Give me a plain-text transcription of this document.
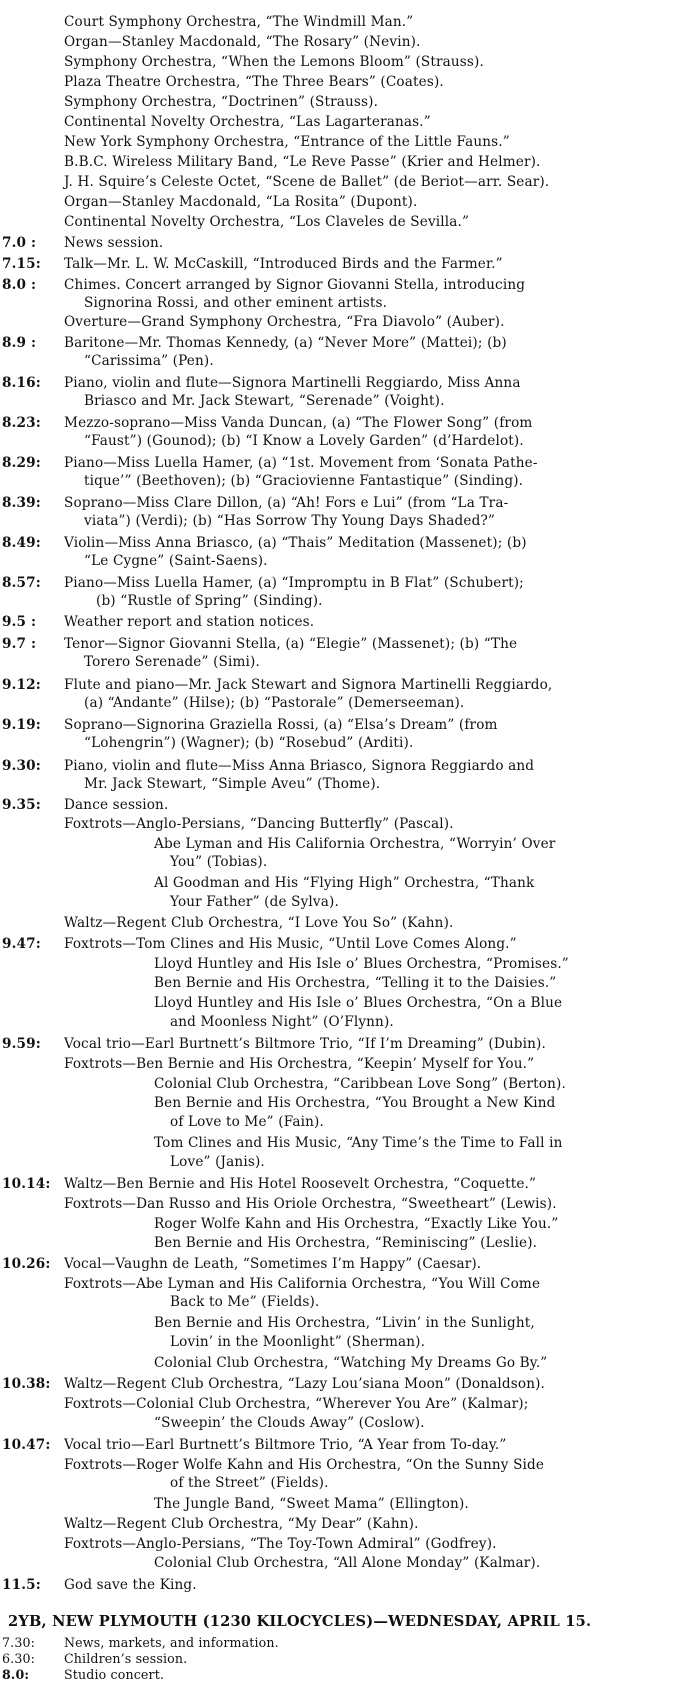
Court Symphony Orchestra, “The Windmill Man.”
Organ—Stanley Macdonald, “The Rosary” (Nevin).
Symphony Orchestra, “When the Lemons Bloom” (Strauss).
Plaza Theatre Orchestra, “The Three Bears” (Coates).
Symphony Orchestra, “Doctrinen” (Strauss).
Continental Novelty Orchestra, “Las Lagarteranas.”
New York Symphony Orchestra, “Entrance of the Little Fauns.”
B.B.C. Wireless Military Band, “Le Reve Passe” (Krier and Helmer).
J. H. Squire’s Celeste Octet, “Scene de Ballet” (de Beriot—arr. Sear).
Organ—Stanley Macdonald, “La Rosita” (Dupont).
Continental Novelty Orchestra, “Los Claveles de Sevilla.”
7.0 :	News session.
7.15:	Talk—Mr. L. W. McCaskill, “Introduced Birds and the Farmer.”
8.0 :	Chimes. Concert arranged by Signor Giovanni Stella, introducing
Signorina Rossi, and other eminent artists.
Overture—Grand Symphony Orchestra, “Fra Diavolo” (Auber).
8.9 :	Baritone—Mr. Thomas Kennedy, (a) “Never More” (Mattei); (b)
“Carissima” (Pen).
8.16:	Piano, violin and flute—Signora Martinelli Reggiardo, Miss Anna
Briasco and Mr. Jack Stewart, “Serenade” (Voight).
8.23:	Mezzo-soprano—Miss Vanda Duncan, (a) “The Flower Song” (from
“Faust”) (Gounod); (b) “I Know a Lovely Garden” (d’Hardelot).
8.29:	Piano—Miss Luella Hamer, (a) “1st. Movement from ‘Sonata Pathe-
tique’” (Beethoven); (b) “Graciovienne Fantastique” (Sinding).
8.39:	Soprano—Miss Clare Dillon, (a) “Ah! Fors e Lui” (from “La Tra-
viata”) (Verdi); (b) “Has Sorrow Thy Young Days Shaded?”
8.49:	Violin—Miss Anna Briasco, (a) “Thais” Meditation (Massenet); (b)
“Le Cygne” (Saint-Saens).
8.57:	Piano—Miss Luella Hamer, (a) “Impromptu in B Flat” (Schubert);
(b) “Rustle of Spring” (Sinding).
9.5 :	Weather report and station notices.
9.7 :	Tenor—Signor Giovanni Stella, (a) “Elegie” (Massenet); (b) “The
Torero Serenade” (Simi).
9.12:	Flute and piano—Mr. Jack Stewart and Signora Martinelli Reggiardo,
(a) “Andante” (Hilse); (b) “Pastorale” (Demerseeman).
9.19:	Soprano—Signorina Graziella Rossi, (a) “Elsa’s Dream” (from
“Lohengrin”) (Wagner); (b) “Rosebud” (Arditi).
9.30:	Piano, violin and flute—Miss Anna Briasco, Signora Reggiardo and
Mr. Jack Stewart, “Simple Aveu” (Thome).
9.35:	Dance session.
Foxtrots—Anglo-Persians, “Dancing Butterfly” (Pascal).
Abe Lyman and His California Orchestra, “Worryin’ Over
You” (Tobias).
Al Goodman and His “Flying High” Orchestra, “Thank
Your Father” (de Sylva).
Waltz—Regent Club Orchestra, “I Love You So” (Kahn).
9.47:	Foxtrots—Tom Clines and His Music, “Until Love Comes Along.”
Lloyd Huntley and His Isle o’ Blues Orchestra, “Promises.”
Ben Bernie and His Orchestra, “Telling it to the Daisies.”
Lloyd Huntley and His Isle o’ Blues Orchestra, “On a Blue
and Moonless Night” (O’Flynn).
9.59:	Vocal trio—Earl Burtnett’s Biltmore Trio, “If I’m Dreaming” (Dubin).
Foxtrots—Ben Bernie and His Orchestra, “Keepin’ Myself for You.”
Colonial Club Orchestra, “Caribbean Love Song” (Berton).
Ben Bernie and His Orchestra, “You Brought a New Kind
of Love to Me” (Fain).
Tom Clines and His Music, “Any Time’s the Time to Fall in
Love” (Janis).
10.14: Waltz—Ben Bernie and His Hotel Roosevelt Orchestra, “Coquette.”
Foxtrots—Dan Russo and His Oriole Orchestra, “Sweetheart” (Lewis).
Roger Wolfe Kahn and His Orchestra, “Exactly Like You.”
Ben Bernie and His Orchestra, “Reminiscing” (Leslie).
10.26: Vocal—Vaughn de Leath, “Sometimes I’m Happy” (Caesar).
Foxtrots—Abe Lyman and His California Orchestra, “You Will Come
Back to Me” (Fields).
Ben Bernie and His Orchestra, “Livin’ in the Sunlight,
Lovin’ in the Moonlight” (Sherman).
Colonial Club Orchestra, “Watching My Dreams Go By.”
10.38: Waltz—Regent Club Orchestra, “Lazy Lou’siana Moon” (Donaldson).
Foxtrots—Colonial Club Orchestra, “Wherever You Are” (Kalmar);
“Sweepin’ the Clouds Away” (Coslow).
10.47: Vocal trio—Earl Burtnett’s Biltmore Trio, “A Year from To-day.”
Foxtrots—Roger Wolfe Kahn and His Orchestra, “On the Sunny Side
of the Street” (Fields).
The Jungle Band, “Sweet Mama” (Ellington).
Waltz—Regent Club Orchestra, “My Dear” (Kahn).
Foxtrots—Anglo-Persians, “The Toy-Town Admiral” (Godfrey).
Colonial Club Orchestra, “All Alone Monday” (Kalmar).
11.5:	God save the King.
2YB, NEW PLYMOUTH (1230 KILOCYCLES)—WEDNESDAY, APRIL 15.
7.30:	News, markets, and information.
6.30:	Children’s session.
8.0:	Studio concert.
